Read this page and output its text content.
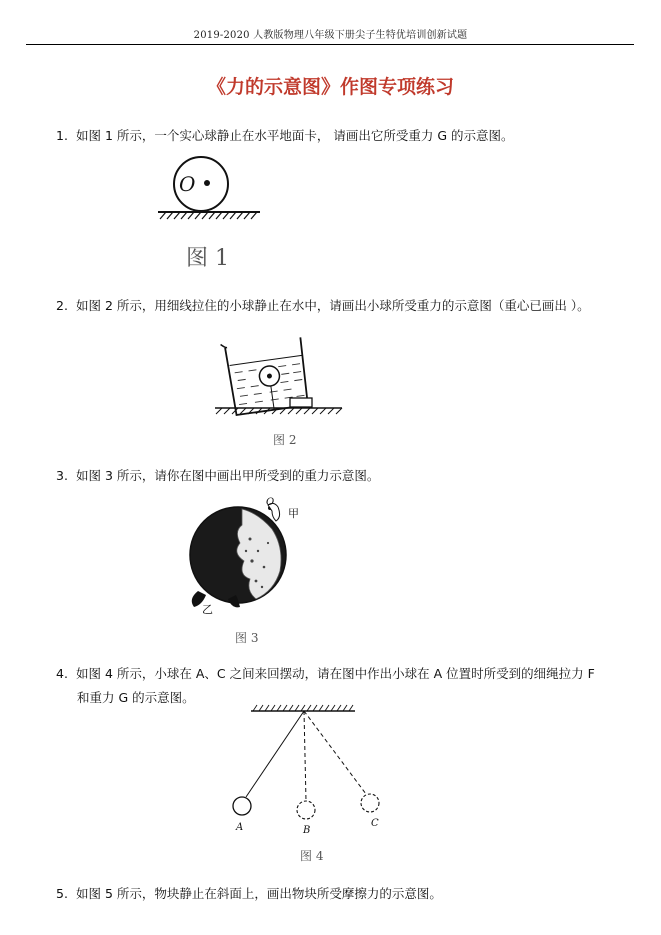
2019-2020 人教版物理八年级下册尖子生特优培训创新试题
《力的示意图》作图专项练习
1. 如图 1 所示，一个实心球静止在水平地面卡， 请画出它所受重力 G 的示意图。
O
图 1
2. 如图 2 所示，用细线拉住的小球静止在水中，请画出小球所受重力的示意图（重心已画出 ）。
图 2
3. 如图 3 所示，请你在图中画出甲所受到的重力示意图。
O
甲
乙
图 3
4. 如图 4 所示，小球在 A、C 之间来回摆动，请在图中作出小球在 A 位置时所受到的细绳拉力 F
和重力 G 的示意图。
A	B
C
图 4
5. 如图 5 所示，物块静止在斜面上，画出物块所受摩擦力的示意图。
